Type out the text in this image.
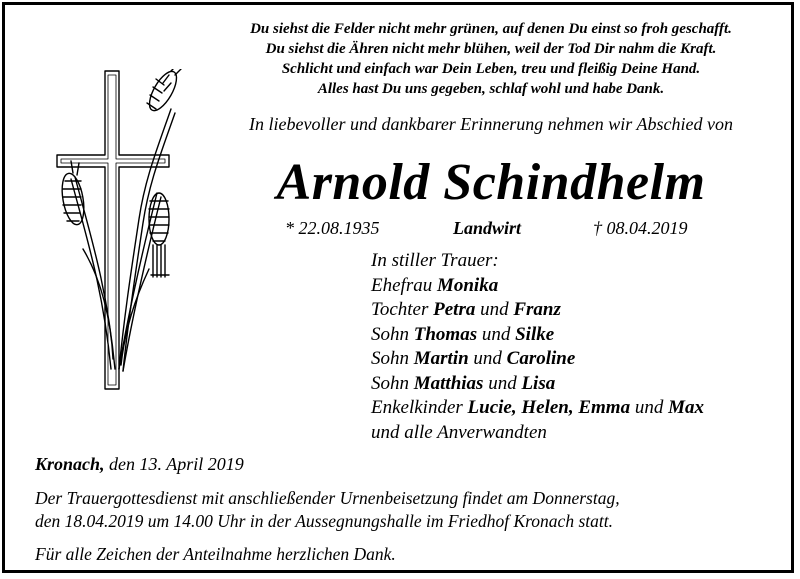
Du siehst die Felder nicht mehr grünen, auf denen Du einst so froh geschafft.
Du siehst die Ähren nicht mehr blühen, weil der Tod Dir nahm die Kraft.
Schlicht und einfach war Dein Leben, treu und fleißig Deine Hand.
Alles hast Du uns gegeben, schlaf wohl und habe Dank.
In liebevoller und dankbarer Erinnerung nehmen wir Abschied von
Arnold Schindhelm
* 22.08.1935	Landwirt	† 08.04.2019
In stiller Trauer:
Ehefrau Monika
Tochter Petra und Franz
Sohn Thomas und Silke
Sohn Martin und Caroline
Sohn Matthias und Lisa
Enkelkinder Lucie, Helen, Emma und Max
und alle Anverwandten
Kronach, den 13. April 2019
Der Trauergottesdienst mit anschließender Urnenbeisetzung findet am Donnerstag,
den 18.04.2019 um 14.00 Uhr in der Aussegnungshalle im Friedhof Kronach statt.
Für alle Zeichen der Anteilnahme herzlichen Dank.
